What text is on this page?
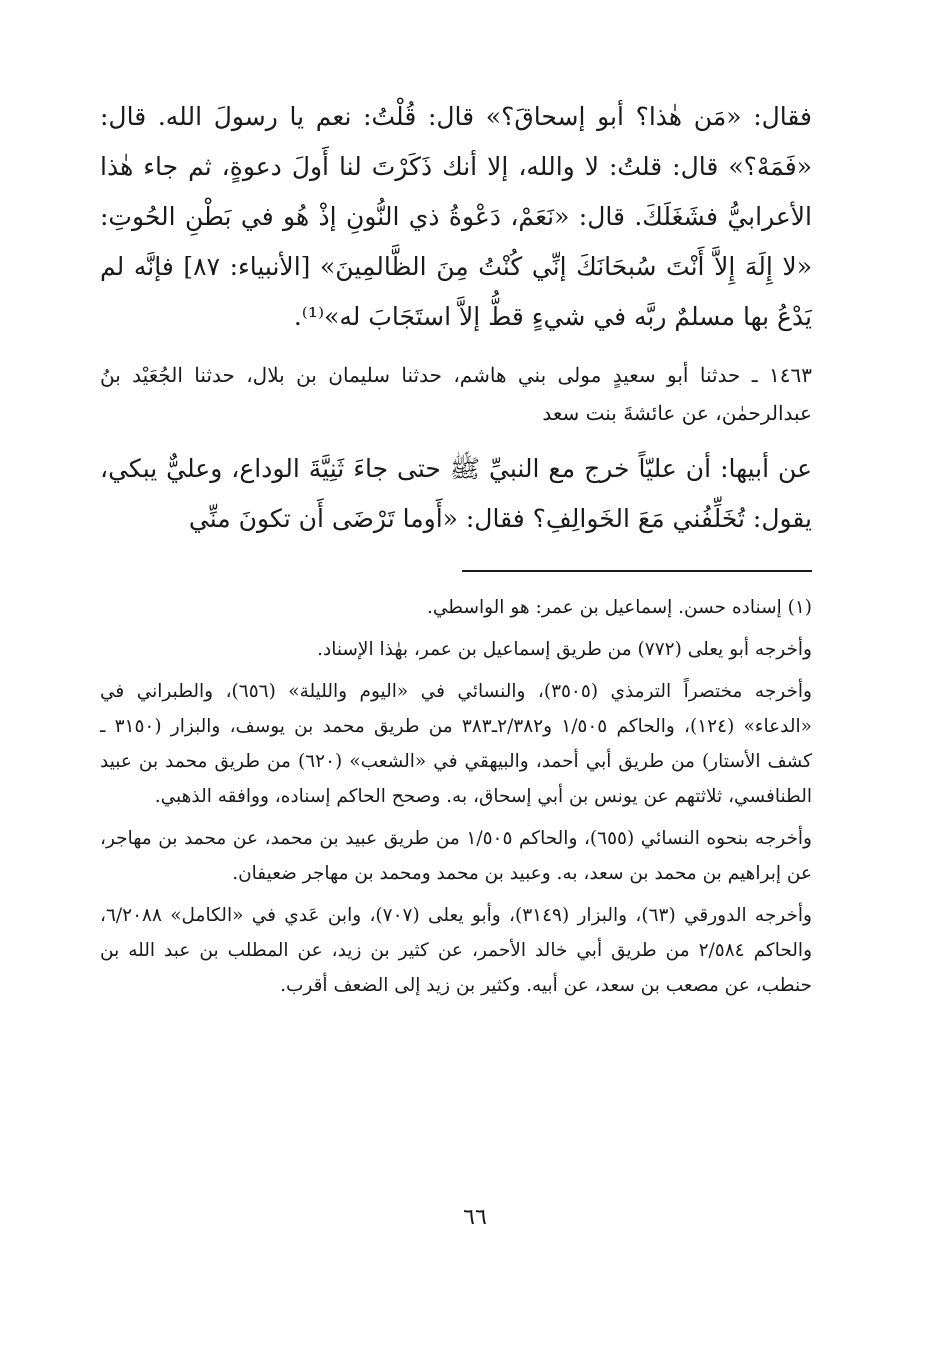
فقال: «مَن هٰذا؟ أبو إسحاقَ؟» قال: قُلْتُ: نعم يا رسولَ الله. قال: «فَمَهْ؟» قال: قلتُ: لا والله، إلا أنك ذَكَرْتَ لنا أَولَ دعوةٍ، ثم جاء هٰذا الأعرابيُّ فشَغَلَكَ. قال: «نَعَمْ، دَعْوةُ ذي النُّونِ إذْ هُو في بَطْنِ الحُوتِ: «لا إِلَهَ إِلاَّ أَنْتَ سُبحَانَكَ إنِّي كُنْتُ مِنَ الظَّالمِينَ» [الأنبياء: ٨٧] فإنَّه لم يَدْعُ بها مسلمٌ ربَّه في شيءٍ قطُّ إلاَّ استَجَابَ له»⁽¹⁾.

١٤٦٣ ـ حدثنا أبو سعيدٍ مولى بني هاشم، حدثنا سليمان بن بلال، حدثنا الجُعَيْد بنُ عبدالرحمٰن، عن عائشةَ بنت سعد

عن أبيها: أن عليّاً خرج مع النبيِّ ﷺ حتى جاءَ ثَنِيَّةَ الوداع، وعليٌّ يبكي، يقول: تُخَلِّفُني مَعَ الخَوالِفِ؟ فقال: «أَوما تَرْضَى أَن تكونَ منِّي

(١) إسناده حسن. إسماعيل بن عمر: هو الواسطي.

وأخرجه أبو يعلى (٧٧٢) من طريق إسماعيل بن عمر، بهٰذا الإسناد.

وأخرجه مختصراً الترمذي (٣٥٠٥)، والنسائي في «اليوم والليلة» (٦٥٦)، والطبراني في «الدعاء» (١٢٤)، والحاكم ١/٥٠٥ و٢/٣٨٢ـ٣٨٣ من طريق محمد بن يوسف، والبزار (٣١٥٠ ـ كشف الأستار) من طريق أبي أحمد، والبيهقي في «الشعب» (٦٢٠) من طريق محمد بن عبيد الطنافسي، ثلاثتهم عن يونس بن أبي إسحاق، به. وصحح الحاكم إسناده، ووافقه الذهبي.

وأخرجه بنحوه النسائي (٦٥٥)، والحاكم ١/٥٠٥ من طريق عبيد بن محمد، عن محمد بن مهاجر، عن إبراهيم بن محمد بن سعد، به. وعبيد بن محمد ومحمد بن مهاجر ضعيفان.

وأخرجه الدورقي (٦٣)، والبزار (٣١٤٩)، وأبو يعلى (٧٠٧)، وابن عَدي في «الكامل» ٦/٢٠٨٨، والحاكم ٢/٥٨٤ من طريق أبي خالد الأحمر، عن كثير بن زيد، عن المطلب بن عبد الله بن حنطب، عن مصعب بن سعد، عن أبيه. وكثير بن زيد إلى الضعف أقرب.

٦٦
